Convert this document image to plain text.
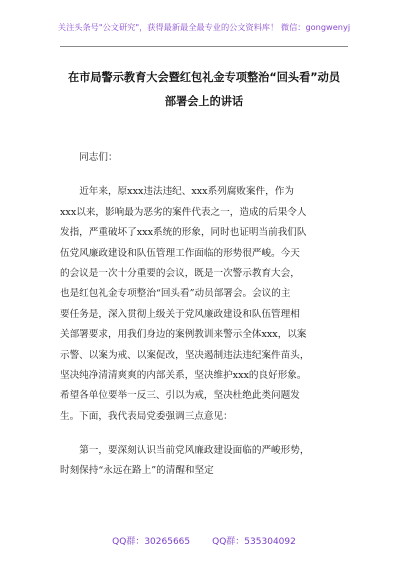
关注头条号"公文研究"，获得最新最全最专业的公文资料库！ 微信：gongwenyj
在市局警示教育大会暨红包礼金专项整治“回头看”动员
部署会上的讲话

同志们：

近年来，原xxx违法违纪、xxx系列腐败案件，作为
xxx以来，影响最为恶劣的案件代表之一，造成的后果令人
发指，严重破坏了xxx系统的形象，同时也证明当前我们队
伍党风廉政建设和队伍管理工作面临的形势很严峻。今天
的会议是一次十分重要的会议，既是一次警示教育大会，
也是红包礼金专项整治“回头看”动员部署会。会议的主
要任务是，深入贯彻上级关于党风廉政建设和队伍管理相
关部署要求，用我们身边的案例教训来警示全体xxx，以案
示警、以案为戒、以案促改，坚决遏制违法违纪案件苗头，
坚决纯净清清爽爽的内部关系，坚决维护xxx的良好形象。
希望各单位要举一反三、引以为戒，坚决杜绝此类问题发
生。下面，我代表局党委强调三点意见：

第一，要深刻认识当前党风廉政建设面临的严峻形势，
时刻保持“永远在路上”的清醒和坚定

QQ群：30265665 QQ群：535304092
